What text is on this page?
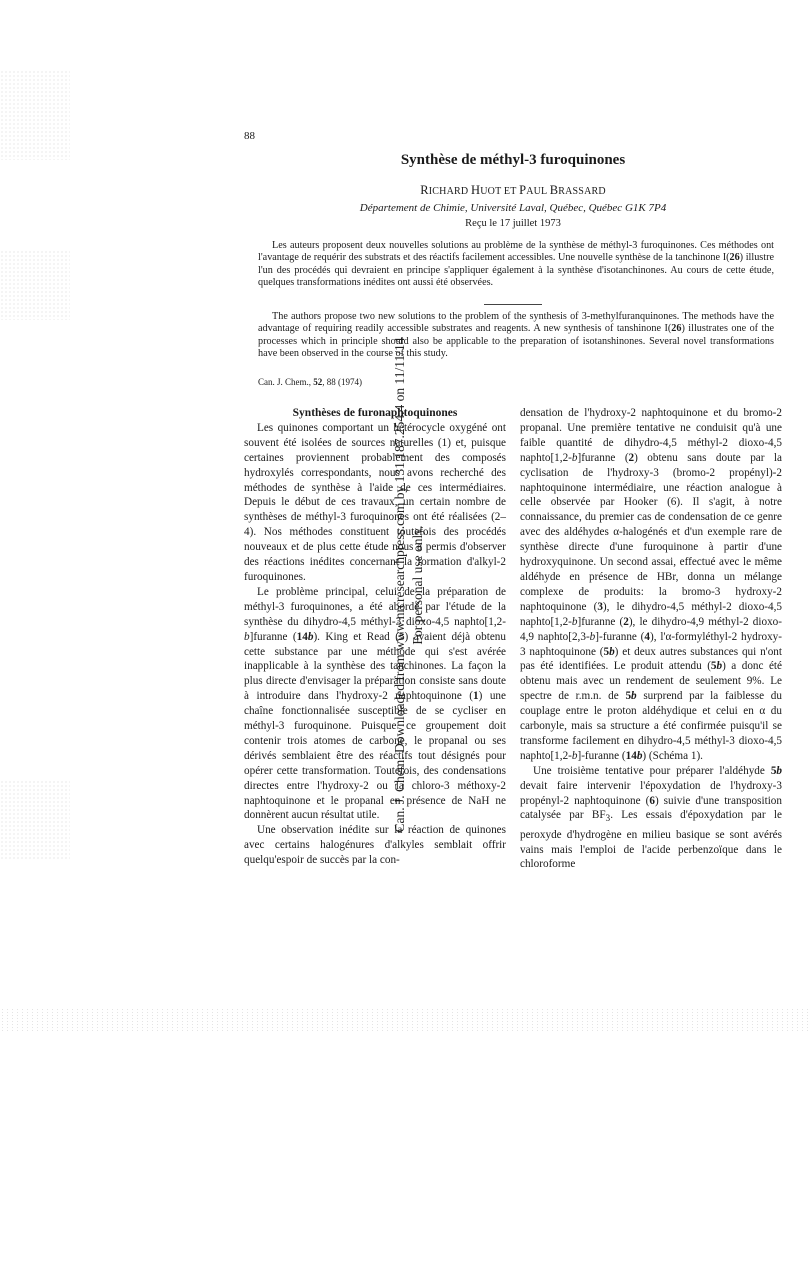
Can. J. Chem. Downloaded from www.nrcresearchpress.com by 131.187.254.4 on 11/11/14 For personal use only.
88
Synthèse de méthyl-3 furoquinones
RICHARD HUOT ET PAUL BRASSARD
Département de Chimie, Université Laval, Québec, Québec G1K 7P4
Reçu le 17 juillet 1973

Les auteurs proposent deux nouvelles solutions au problème de la synthèse de méthyl-3 furoquinones. Ces méthodes ont l'avantage de requérir des substrats et des réactifs facilement accessibles. Une nouvelle synthèse de la tanchinone I(26) illustre l'un des procédés qui devraient en principe s'appliquer également à la synthèse d'isotanchinones. Au cours de cette étude, quelques transformations inédites ont aussi été observées.

The authors propose two new solutions to the problem of the synthesis of 3-methylfuranquinones. The methods have the advantage of requiring readily accessible substrates and reagents. A new synthesis of tanshinone I(26) illustrates one of the processes which in principle should also be applicable to the preparation of isotanshinones. Several novel transformations have been observed in the course of this study.

Can. J. Chem., 52, 88 (1974)
Synthèses de furonaphtoquinones

Les quinones comportant un hétérocycle oxygéné ont souvent été isolées de sources naturelles (1) et, puisque certaines proviennent probablement des composés hydroxylés correspondants, nous avons recherché des méthodes de synthèse à l'aide de ces intermédiaires. Depuis le début de ces travaux, un certain nombre de synthèses de méthyl-3 furoquinones ont été réalisées (2–4). Nos méthodes constituent toutefois des procédés nouveaux et de plus cette étude nous a permis d'observer des réactions inédites concernant la formation d'alkyl-2 furoquinones.

Le problème principal, celui de la préparation de méthyl-3 furoquinones, a été abordé par l'étude de la synthèse du dihydro-4,5 méthyl-3 dioxo-4,5 naphto[1,2-b]furanne (14b). King et Read (5) avaient déjà obtenu cette substance par une méthode qui s'est avérée inapplicable à la synthèse des tanchinones. La façon la plus directe d'envisager la préparation consiste sans doute à introduire dans l'hydroxy-2 naphtoquinone (1) une chaîne fonctionnalisée susceptible de se cycliser en méthyl-3 furoquinone. Puisque ce groupement doit contenir trois atomes de carbone, le propanal ou ses dérivés semblaient être des réactifs tout désignés pour opérer cette transformation. Toutefois, des condensations directes entre l'hydroxy-2 ou la chloro-3 méthoxy-2 naphtoquinone et le propanal en présence de NaH ne donnèrent aucun résultat utile.

Une observation inédite sur la réaction de quinones avec certains halogénures d'alkyles semblait offrir quelqu'espoir de succès par la con-

densation de l'hydroxy-2 naphtoquinone et du bromo-2 propanal. Une première tentative ne conduisit qu'à une faible quantité de dihydro-4,5 méthyl-2 dioxo-4,5 naphto[1,2-b]furanne (2) obtenu sans doute par la cyclisation de l'hydroxy-3 (bromo-2 propényl)-2 naphtoquinone intermédiaire, une réaction analogue à celle observée par Hooker (6). Il s'agit, à notre connaissance, du premier cas de condensation de ce genre avec des aldéhydes α-halogénés et d'un exemple rare de synthèse directe d'une furoquinone à partir d'une hydroxyquinone. Un second assai, effectué avec le même aldéhyde en présence de HBr, donna un mélange complexe de produits: la bromo-3 hydroxy-2 naphtoquinone (3), le dihydro-4,5 méthyl-2 dioxo-4,5 naphto[1,2-b]furanne (2), le dihydro-4,9 méthyl-2 dioxo-4,9 naphto[2,3-b]-furanne (4), l'α-formyléthyl-2 hydroxy-3 naphtoquinone (5b) et deux autres substances qui n'ont pas été identifiées. Le produit attendu (5b) a donc été obtenu mais avec un rendement de seulement 9%. Le spectre de r.m.n. de 5b surprend par la faiblesse du couplage entre le proton aldéhydique et celui en α du carbonyle, mais sa structure a été confirmée puisqu'il se transforme facilement en dihydro-4,5 méthyl-3 dioxo-4,5 naphto[1,2-b]-furanne (14b) (Schéma 1).

Une troisième tentative pour préparer l'aldéhyde 5b devait faire intervenir l'époxydation de l'hydroxy-3 propényl-2 naphtoquinone (6) suivie d'une transposition catalysée par $BF_3$. Les essais d'époxydation par le peroxyde d'hydrogène en milieu basique se sont avérés vains mais l'emploi de l'acide perbenzoïque dans le chloroforme
